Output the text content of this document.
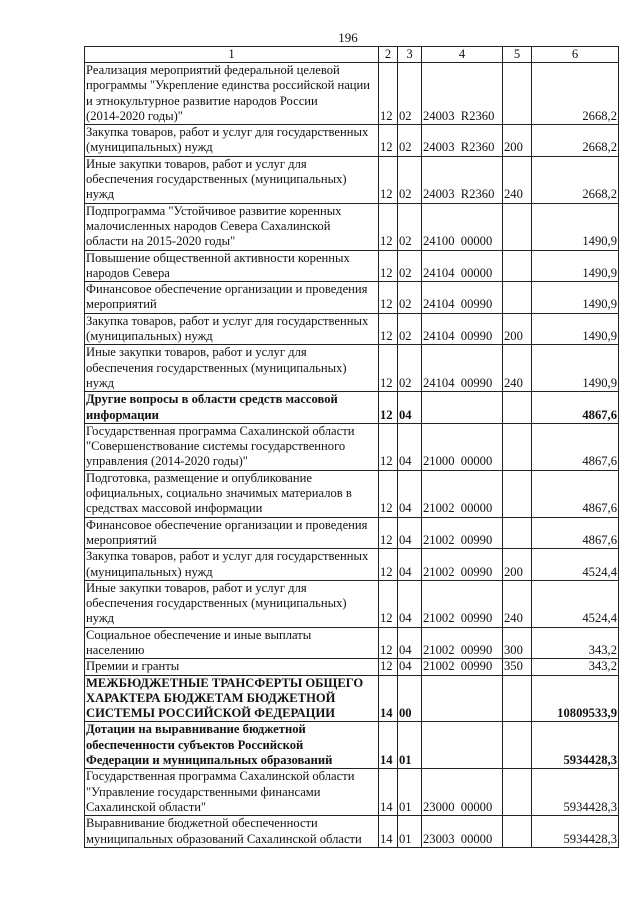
196
1	2	3	4	5	6
Реализация мероприятий федеральной целевой
программы "Укрепление единства российской нации
и этнокультурное развитие народов России
(2014-2020 годы)"	12	02	24003  R2360		2668,2
Закупка товаров, работ и услуг для государственных
(муниципальных) нужд	12	02	24003  R2360	200	2668,2
Иные закупки товаров, работ и услуг для
обеспечения государственных (муниципальных)
нужд	12	02	24003  R2360	240	2668,2
Подпрограмма "Устойчивое развитие коренных
малочисленных народов Севера Сахалинской
области на 2015-2020 годы"	12	02	24100  00000		1490,9
Повышение общественной активности коренных
народов Севера	12	02	24104  00000		1490,9
Финансовое обеспечение организации и проведения
мероприятий	12	02	24104  00990		1490,9
Закупка товаров, работ и услуг для государственных
(муниципальных) нужд	12	02	24104  00990	200	1490,9
Иные закупки товаров, работ и услуг для
обеспечения государственных (муниципальных)
нужд	12	02	24104  00990	240	1490,9
Другие вопросы в области средств массовой
информации	12	04			4867,6
Государственная программа Сахалинской области
"Совершенствование системы государственного
управления (2014-2020 годы)"	12	04	21000  00000		4867,6
Подготовка, размещение и опубликование
официальных, социально значимых материалов в
средствах массовой информации	12	04	21002  00000		4867,6
Финансовое обеспечение организации и проведения
мероприятий	12	04	21002  00990		4867,6
Закупка товаров, работ и услуг для государственных
(муниципальных) нужд	12	04	21002  00990	200	4524,4
Иные закупки товаров, работ и услуг для
обеспечения государственных (муниципальных)
нужд	12	04	21002  00990	240	4524,4
Социальное обеспечение и иные выплаты
населению	12	04	21002  00990	300	343,2
Премии и гранты	12	04	21002  00990	350	343,2
МЕЖБЮДЖЕТНЫЕ ТРАНСФЕРТЫ ОБЩЕГО
ХАРАКТЕРА БЮДЖЕТАМ БЮДЖЕТНОЙ
СИСТЕМЫ РОССИЙСКОЙ ФЕДЕРАЦИИ	14	00			10809533,9
Дотации на выравнивание бюджетной
обеспеченности субъектов Российской
Федерации и муниципальных образований	14	01			5934428,3
Государственная программа Сахалинской области
"Управление государственными финансами
Сахалинской области"	14	01	23000  00000		5934428,3
Выравнивание бюджетной обеспеченности
муниципальных образований Сахалинской области	14	01	23003  00000		5934428,3
